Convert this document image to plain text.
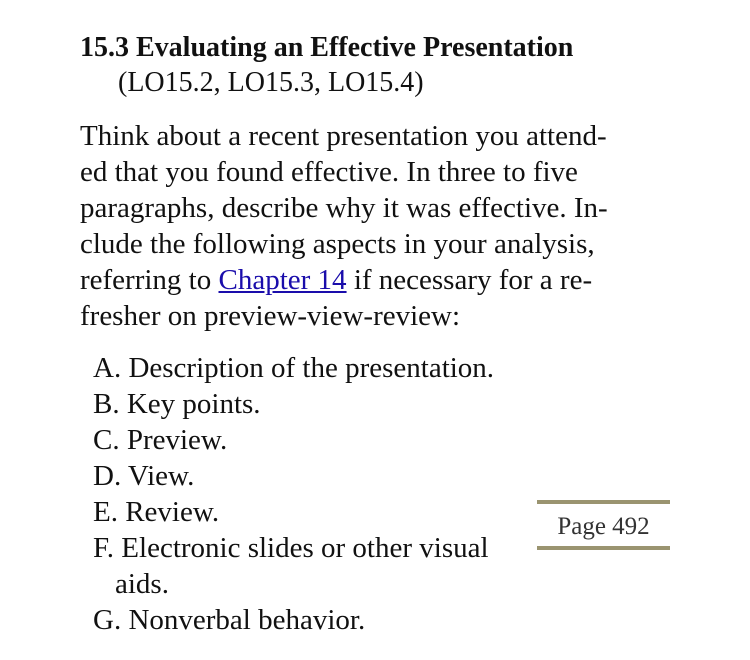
15.3 Evaluating an Effective Presentation
(LO15.2, LO15.3, LO15.4)
Think about a recent presentation you attend-
ed that you found effective. In three to five
paragraphs, describe why it was effective. In-
clude the following aspects in your analysis,
referring to Chapter 14 if necessary for a re-
fresher on preview-view-review:
A. Description of the presentation.
B. Key points.
C. Preview.
D. View.
E. Review.
F. Electronic slides or other visual
aids.
G. Nonverbal behavior.
Page 492
